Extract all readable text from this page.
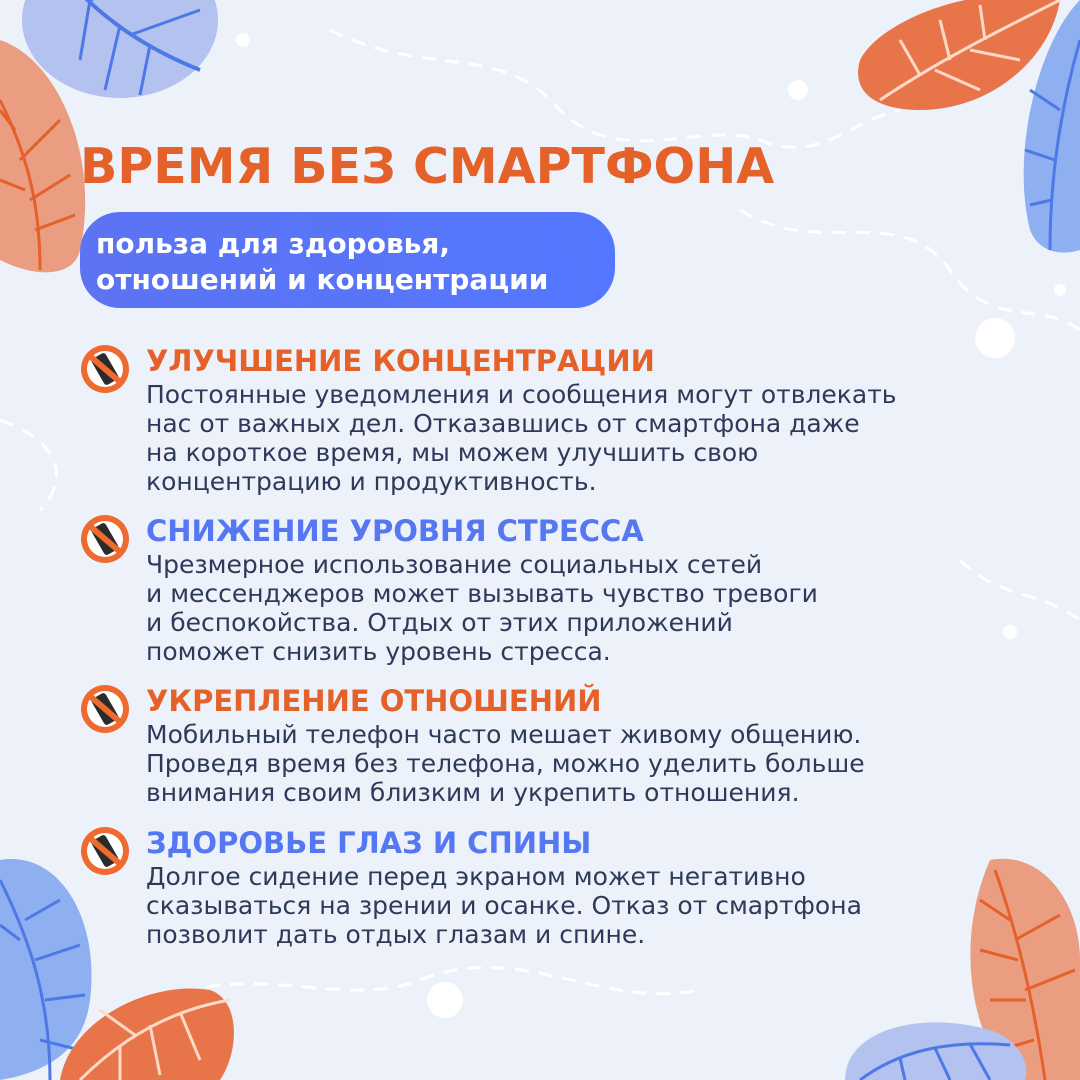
ВРЕМЯ БЕЗ СМАРТФОНА
польза для здоровья,
отношений и концентрации
УЛУЧШЕНИЕ КОНЦЕНТРАЦИИ

Постоянные уведомления и сообщения могут отвлекать
нас от важных дел. Отказавшись от смартфона даже
на короткое время, мы можем улучшить свою
концентрацию и продуктивность.

СНИЖЕНИЕ УРОВНЯ СТРЕССА

Чрезмерное использование социальных сетей
и мессенджеров может вызывать чувство тревоги
и беспокойства. Отдых от этих приложений
поможет снизить уровень стресса.

УКРЕПЛЕНИЕ ОТНОШЕНИЙ

Мобильный телефон часто мешает живому общению.
Проведя время без телефона, можно уделить больше
внимания своим близким и укрепить отношения.

ЗДОРОВЬЕ ГЛАЗ И СПИНЫ

Долгое сидение перед экраном может негативно
сказываться на зрении и осанке. Отказ от смартфона
позволит дать отдых глазам и спине.
